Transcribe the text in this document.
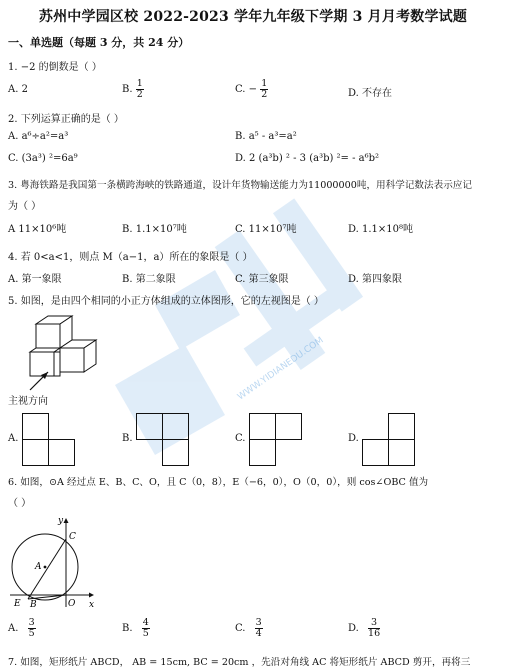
WWW.YIDIANEDU.COM
苏州中学园区校 2022-2023 学年九年级下学期 3 月月考数学试题
一、单选题（每题 3 分，共 24 分）
1. −2 的倒数是（ ）
A. 2	B. $\frac{1}{2}$	C. − $\frac{1}{2}$	D. 不存在
2. 下列运算正确的是（ ）
A. a⁶÷a²=a³	B. a⁵ - a³=a²
C. (3a³) ²=6a⁹	D. 2 (a³b) ² - 3 (a³b) ²= - a⁶b²
3. 粤海铁路是我国第一条横跨海峡的铁路通道，设计年货物输送能力为11000000吨，用科学记数法表示应记
为（ ）
A 11×10⁶吨	B. 1.1×10⁷吨	C. 11×10⁷吨	D. 1.1×10⁸吨
4. 若 0<a<1，则点 M（a−1，a）所在的象限是（ ）
A. 第一象限	B. 第二象限	C. 第三象限	D. 第四象限
5. 如图，是由四个相同的小正方体组成的立体图形，它的左视图是（ ）
主视方向
A.	B.	C.	D.
6. 如图，⊙A 经过点 E、B、C、O，且 C（0，8），E（−6，0），O（0，0），则 cos∠OBC 值为
（ ）
y
C
A
E B	O x
A. $\frac{3}{5}$	B. $\frac{4}{5}$	C. $\frac{3}{4}$	D. $\frac{3}{16}$
7. 如图，矩形纸片 ABCD， AB = 15cm, BC = 20cm ，先沿对角线 AC 将矩形纸片 ABCD 剪开，再将三
